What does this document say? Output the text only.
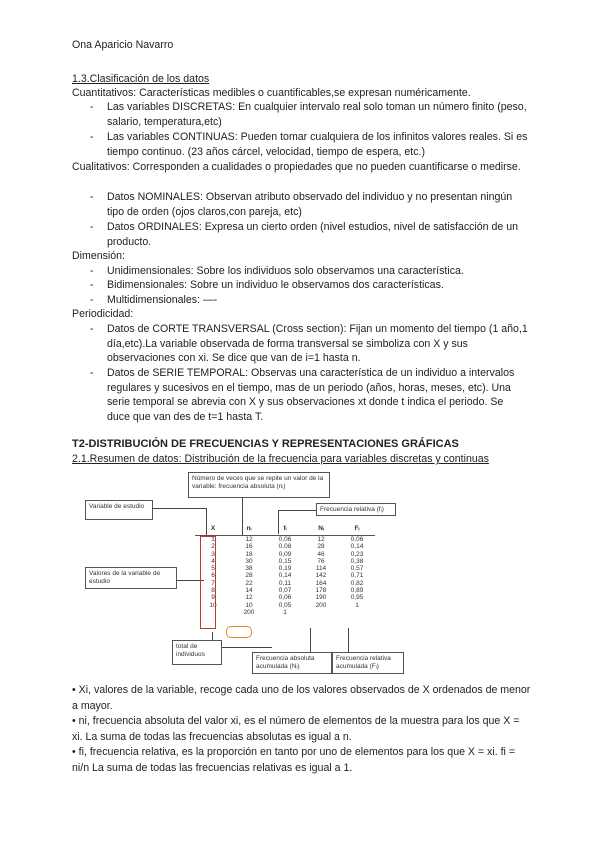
Ona Aparicio Navarro
1.3.Clasificación de los datos
Cuantitativos: Características medibles o cuantificables,se expresan numéricamente.
- Las variables DISCRETAS: En cualquier intervalo real solo toman un número finito (peso, salario, temperatura,etc)
- Las variables CONTINUAS: Pueden tomar cualquiera de los infinitos valores reales. Si es tiempo continuo. (23 años cárcel, velocidad, tiempo de espera, etc.)
Cualitativos: Corresponden a cualidades o propiedades que no pueden cuantificarse o medirse.
- Datos NOMINALES: Observan atributo observado del individuo y no presentan ningún tipo de orden (ojos claros,con pareja, etc)
- Datos ORDINALES: Expresa un cierto orden (nivel estudios, nivel de satisfacción de un producto.
Dimensión:
- Unidimensionales: Sobre los individuos solo observamos una característica.
- Bidimensionales: Sobre un individuo le observamos dos características.
- Multidimensionales: —-
Periodicidad:
- Datos de CORTE TRANSVERSAL (Cross section): Fijan un momento del tiempo (1 año,1 día,etc).La variable observada de forma transversal se simboliza con X y sus observaciones con xi. Se dice que van de i=1 hasta n.
- Datos de SERIE TEMPORAL: Observas una característica de un individuo a intervalos regulares y sucesivos en el tiempo, mas de un periodo (años, horas, meses, etc). Una serie temporal se abrevia con X y sus observaciones xt donde t indica el periodo. Se duce que van des de t=1 hasta T.
T2-DISTRIBUCIÓN DE FRECUENCIAS Y REPRESENTACIONES GRÁFICAS
2.1.Resumen de datos: Distribución de la frecuencia para variables discretas y continuas
Número de veces que se repite un valor de la variable: frecuencia absoluta (nᵢ)
Variable de estudio	Frecuencia relativa (fᵢ)
Valores de la variable de estudio
total de individuos
Frecuencia absoluta acumulada (Nᵢ)
Frecuencia relativa acumulada (Fᵢ)
X	nᵢ	fᵢ	Nᵢ	Fᵢ
1	12	0,06	12	0,06
2	16	0,08	28	0,14
3	18	0,09	46	0,23
4	30	0,15	76	0,38
5	38	0,19	114	0,57
6	28	0,14	142	0,71
7	22	0,11	164	0,82
8	14	0,07	178	0,89
9	12	0,06	190	0,95
10	10	0,05	200	1
	200	1		
• Xi, valores de la variable, recoge cada uno de los valores observados de X ordenados de menor a mayor.
• ni, frecuencia absoluta del valor xi, es el número de elementos de la muestra para los que X = xi. La suma de todas las frecuencias absolutas es igual a n.
• fi, frecuencia relativa, es la proporción en tanto por uno de elementos para los que X = xi. fi = ni/n La suma de todas las frecuencias relativas es igual a 1.
